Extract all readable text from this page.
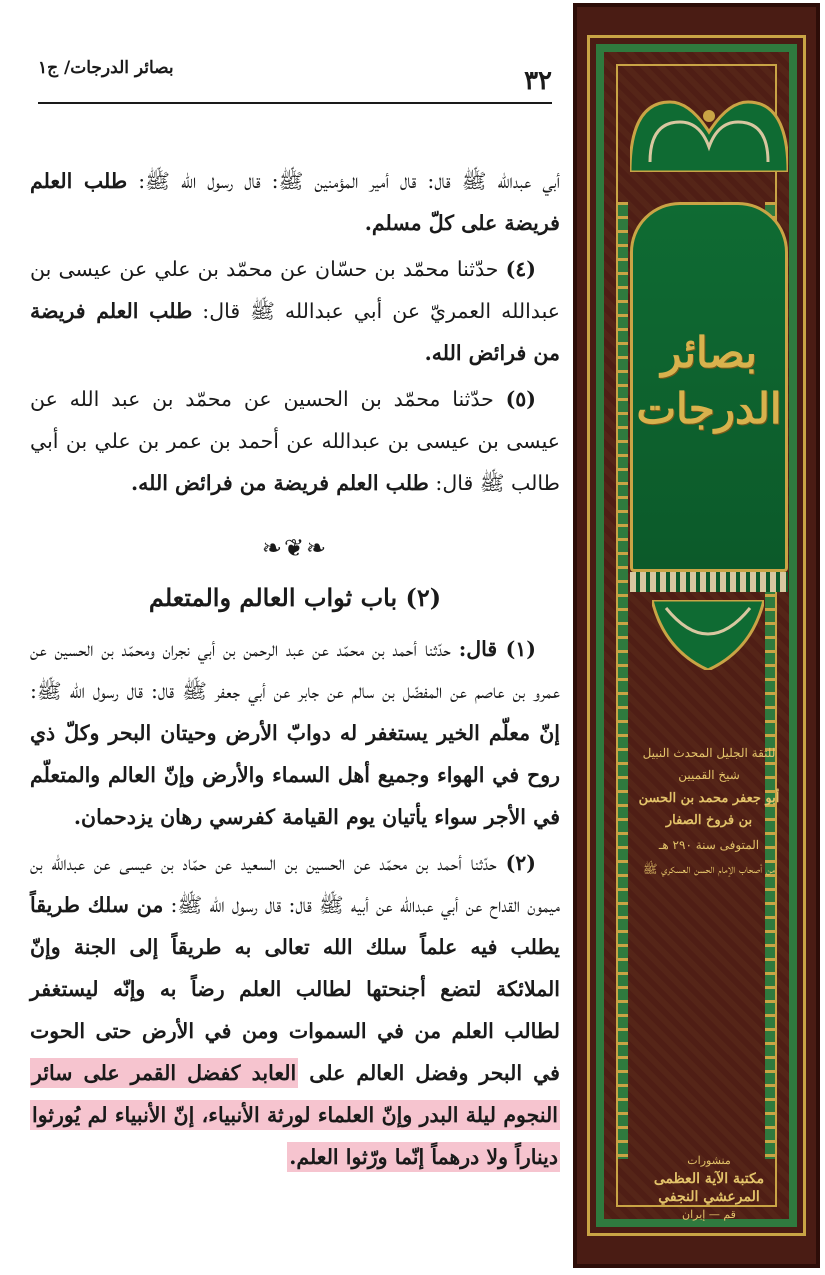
بصائر الدرجات/ ج١	٣٢

أبي عبدالله ﷺ قال: قال أمير المؤمنين ﷺ: قال رسول الله ﷺ: طلب العلم فريضة على كلّ مسلم.

(٤) حدّثنا محمّد بن حسّان عن محمّد بن علي عن عيسى بن عبدالله العمريّ عن أبي عبدالله ﷺ قال: طلب العلم فريضة من فرائض الله.

(٥) حدّثنا محمّد بن الحسين عن محمّد بن عبد الله عن عيسى بن عيسى بن عبدالله عن أحمد بن عمر بن علي بن أبي طالب ﷺ قال: طلب العلم فريضة من فرائض الله.

❧❦❧
(٢) باب ثواب العالم والمتعلم

(١) قال: حدّثنا أحمد بن محمّد عن عبد الرحمن بن أبي نجران ومحمّد بن الحسين عن عمرو بن عاصم عن المفضّل بن سالم عن جابر عن أبي جعفر ﷺ قال: قال رسول الله ﷺ: إنّ معلّم الخير يستغفر له دوابّ الأرض وحيتان البحر وكلّ ذي روح في الهواء وجميع أهل السماء والأرض وإنّ العالم والمتعلّم في الأجر سواء يأتيان يوم القيامة كفرسي رهان يزدحمان.

(٢) حدّثنا أحمد بن محمّد عن الحسين بن السعيد عن حمّاد بن عيسى عن عبدالله بن ميمون القداح عن أبي عبدالله عن أبيه ﷺ قال: قال رسول الله ﷺ: من سلك طريقاً يطلب فيه علماً سلك الله تعالى به طريقاً إلى الجنة وإنّ الملائكة لتضع أجنحتها لطالب العلم رضاً به وإنّه ليستغفر لطالب العلم من في السموات ومن في الأرض حتى الحوت في البحر وفضل العالم على العابد كفضل القمر على سائر النجوم ليلة البدر وإنّ العلماء لورثة الأنبياء، إنّ الأنبياء لم يُورثوا ديناراً ولا درهماً إنّما ورّثوا العلم.

بصائر الدرجات
للثقة الجليل المحدث النبيل شيخ القميين
أبو جعفر محمد بن الحسن بن فروخ الصفار
المتوفى سنة ٢٩٠ هـ
من أصحاب الإمام الحسن العسكري ﷺ
منشورات
مكتبة الآية العظمى المرعشي النجفي
قم — إيران
